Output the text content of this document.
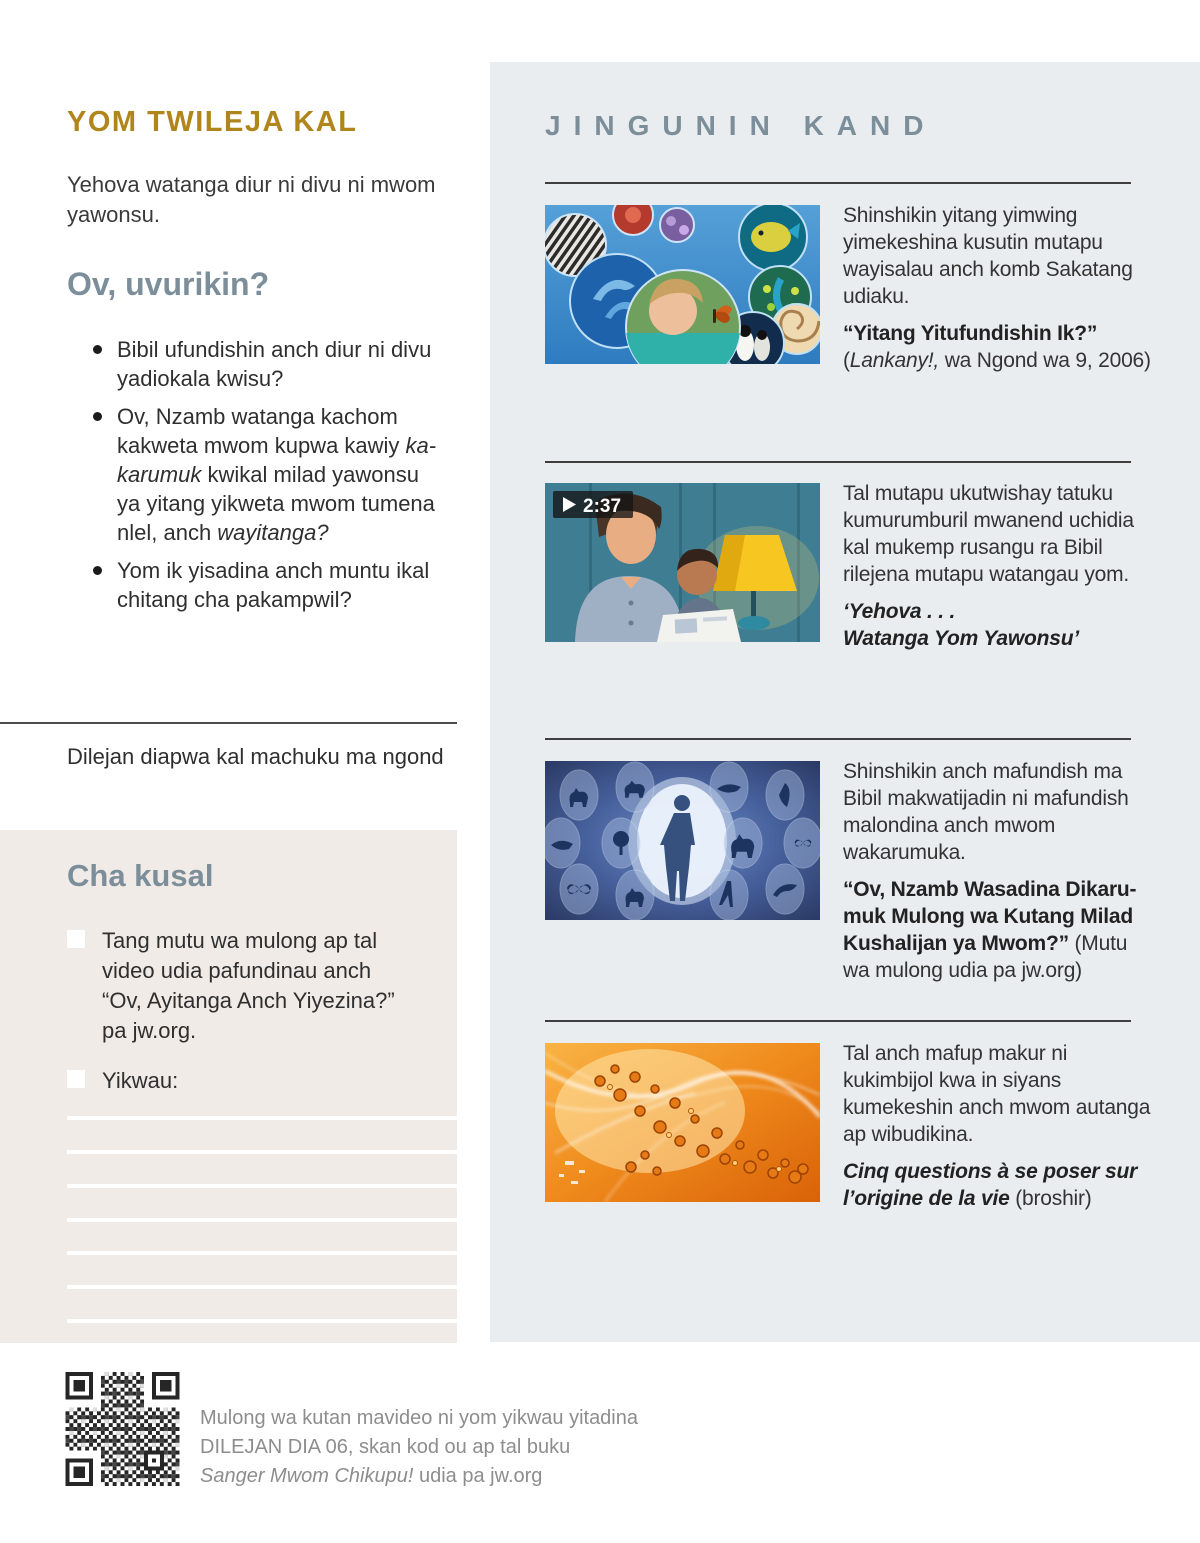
YOM TWILEJA KAL
Yehova watanga diur ni divu ni mwom yawonsu.
Ov, uvurikin?
Bibil ufundishin anch diur ni divu yadiokala kwisu?
Ov, Nzamb watanga kachom kakweta mwom kupwa kawiy kakarumuk kwikal milad yawonsu ya yitang yikweta mwom tumena nlel, anch wayitanga?
Yom ik yisadina anch muntu ikal chitang cha pakampwil?
Dilejan diapwa kal machuku ma ngond
Cha kusal
Tang mutu wa mulong ap tal video udia pafundinau anch “Ov, Ayitanga Anch Yiyezina?” pa jw.org.
Yikwau:
JINGUNIN KAND
Shinshikin yitang yimwing yimekeshina kusutin mutapu wayisalau anch komb Sakatang udiaku.
“Yitang Yitufundishin Ik?”
(Lankany!, wa Ngond wa 9, 2006)
2:37
Tal mutapu ukutwishay tatuku kumurumburil mwanend uchidia kal mukemp rusangu ra Bibil rilejena mutapu watangau yom.
‘Yehova . . .
Watanga Yom Yawonsu’
Shinshikin anch mafundish ma Bibil makwatijadin ni mafundish malondina anch mwom wakarumuka.
“Ov, Nzamb Wasadina Dikarumuk Mulong wa Kutang Milad Kushalijan ya Mwom?” (Mutu wa mulong udia pa jw.org)
Tal anch mafup makur ni kukimbijol kwa in siyans kumekeshin anch mwom autanga ap wibudikina.
Cinq questions à se poser sur l’origine de la vie (broshir)
Mulong wa kutan mavideo ni yom yikwau yitadina
DILEJAN DIA 06, skan kod ou ap tal buku
Sanger Mwom Chikupu! udia pa jw.org
